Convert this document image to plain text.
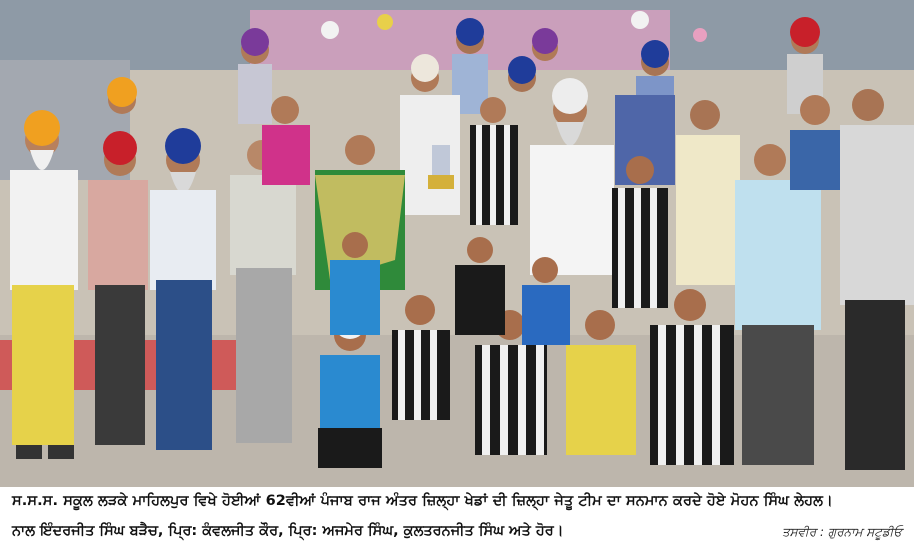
ਸ.ਸ.ਸ. ਸਕੂਲ ਲੜਕੇ ਮਾਹਿਲਪੁਰ ਵਿਖੇ ਹੋਈਆਂ 62ਵੀਆਂ ਪੰਜਾਬ ਰਾਜ ਅੰਤਰ ਜ਼ਿਲ੍ਹਾ ਖੇਡਾਂ ਦੀ ਜ਼ਿਲ੍ਹਾ ਜੇਤੂ ਟੀਮ ਦਾ ਸਨਮਾਨ ਕਰਦੇ ਹੋਏ ਮੋਹਨ ਸਿੰਘ ਲੇਹਲ।
ਨਾਲ ਇੰਦਰਜੀਤ ਸਿੰਘ ਬੜੈਚ, ਪ੍ਰਿ: ਕੰਵਲਜੀਤ ਕੌਰ, ਪ੍ਰਿ: ਅਜਮੇਰ ਸਿੰਘ, ਕੁਲਤਰਨਜੀਤ ਸਿੰਘ ਅਤੇ ਹੋਰ।	ਤਸਵੀਰ : ਗੁਰਨਾਮ ਸਟੂਡੀਓ
